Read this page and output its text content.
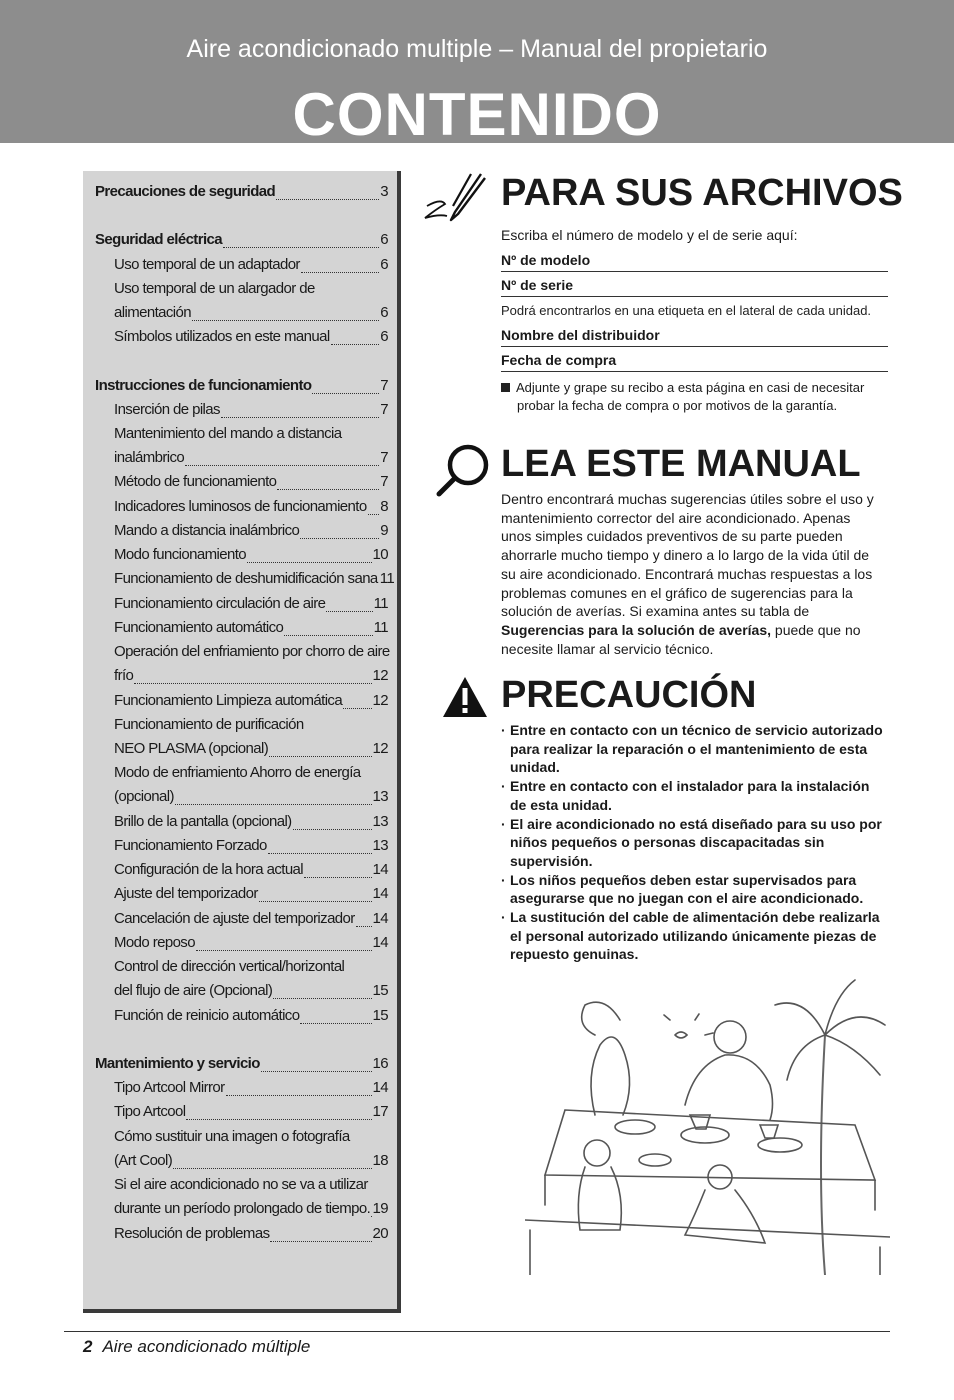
Aire acondicionado multiple – Manual del propietario
CONTENIDO
Precauciones de seguridad	3
Seguridad eléctrica	6
Uso temporal de un adaptador	6
Uso temporal de un alargador de
alimentación	6
Símbolos utilizados en este manual	6
Instrucciones de funcionamiento	7
Inserción de pilas	7
Mantenimiento del mando a distancia
inalámbrico	7
Método de funcionamiento	7
Indicadores luminosos de funcionamiento 8
Mando a distancia inalámbrico	9
Modo funcionamiento	10
Funcionamiento de deshumidificación sana 11
Funcionamiento circulación de aire	11
Funcionamiento automático	11
Operación del enfriamiento por chorro de aire
frío	12
Funcionamiento Limpieza automática 12
Funcionamiento de purificación
NEO PLASMA (opcional)	12
Modo de enfriamiento Ahorro de energía
(opcional)	13
Brillo de la pantalla (opcional)	13
Funcionamiento Forzado	13
Configuración de la hora actual	14
Ajuste del temporizador	14
Cancelación de ajuste del temporizador 14
Modo reposo	14
Control de dirección vertical/horizontal
del flujo de aire (Opcional)	15
Función de reinicio automático	15
Mantenimiento y servicio	16
Tipo Artcool Mirror	14
Tipo Artcool	17
Cómo sustituir una imagen o fotografía
(Art Cool)	18
Si el aire acondicionado no se va a utilizar
durante un período prolongado de tiempo. 19
Resolución de problemas	20
PARA SUS ARCHIVOS
Escriba el número de modelo y el de serie aquí:
Nº de modelo
Nº de serie
Podrá encontrarlos en una etiqueta en el lateral de cada unidad.
Nombre del distribuidor
Fecha de compra
Adjunte y grape su recibo a esta página en casi de necesitar
probar la fecha de compra o por motivos de la garantía.
LEA ESTE MANUAL
Dentro encontrará muchas sugerencias útiles sobre el uso y
mantenimiento corrector del aire acondicionado. Apenas
unos simples cuidados preventivos de su parte pueden
ahorrarle mucho tiempo y dinero a lo largo de la vida útil de
su aire acondicionado. Encontrará muchas respuestas a los
problemas comunes en el gráfico de sugerencias para la
solución de averías. Si examina antes su tabla de
Sugerencias para la solución de averías, puede que no
necesite llamar al servicio técnico.
PRECAUCIÓN
· Entre en contacto con un técnico de servicio autorizado
para realizar la reparación o el mantenimiento de esta
unidad.
· Entre en contacto con el instalador para la instalación
de esta unidad.
· El aire acondicionado no está diseñado para su uso por
niños pequeños o personas discapacitadas sin
supervisión.
· Los niños pequeños deben estar supervisados para
asegurarse que no juegan con el aire acondicionado.
· La sustitución del cable de alimentación debe realizarla
el personal autorizado utilizando únicamente piezas de
repuesto genuinas.
2 Aire acondicionado múltiple
